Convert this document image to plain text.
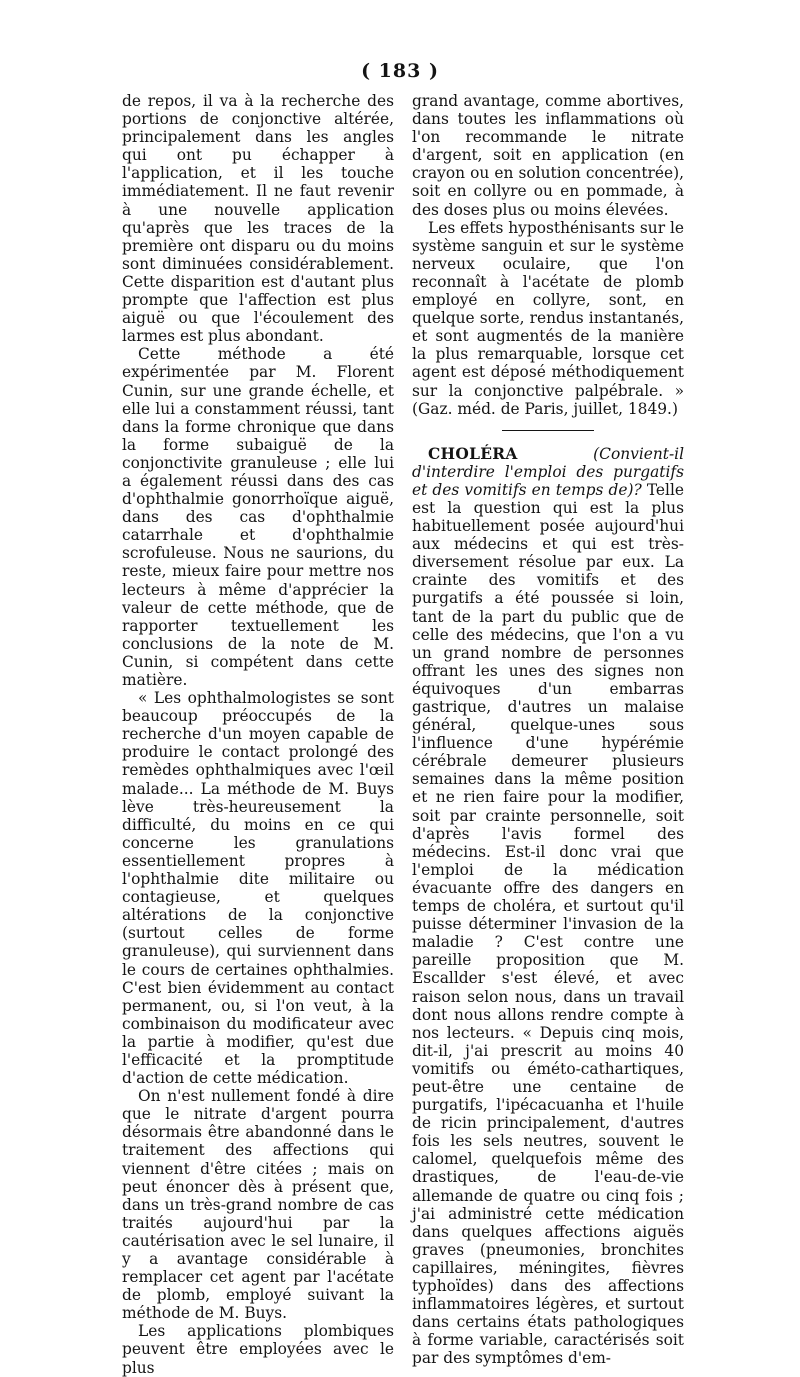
( 183 )

de repos, il va à la recherche des portions de conjonctive altérée, principalement dans les angles qui ont pu échapper à l'application, et il les touche immédiatement. Il ne faut revenir à une nouvelle application qu'après que les traces de la première ont disparu ou du moins sont diminuées considérablement. Cette disparition est d'autant plus prompte que l'affection est plus aiguë ou que l'écoulement des larmes est plus abondant.

Cette méthode a été expérimentée par M. Florent Cunin, sur une grande échelle, et elle lui a constamment réussi, tant dans la forme chronique que dans la forme subaiguë de la conjonctivite granuleuse ; elle lui a également réussi dans des cas d'ophthalmie gonorrhoïque aiguë, dans des cas d'ophthalmie catarrhale et d'ophthalmie scrofuleuse. Nous ne saurions, du reste, mieux faire pour mettre nos lecteurs à même d'apprécier la valeur de cette méthode, que de rapporter textuellement les conclusions de la note de M. Cunin, si compétent dans cette matière.

« Les ophthalmologistes se sont beaucoup préoccupés de la recherche d'un moyen capable de produire le contact prolongé des remèdes ophthalmiques avec l'œil malade... La méthode de M. Buys lève très-heureusement la difficulté, du moins en ce qui concerne les granulations essentiellement propres à l'ophthalmie dite militaire ou contagieuse, et quelques altérations de la conjonctive (surtout celles de forme granuleuse), qui surviennent dans le cours de certaines ophthalmies. C'est bien évidemment au contact permanent, ou, si l'on veut, à la combinaison du modificateur avec la partie à modifier, qu'est due l'efficacité et la promptitude d'action de cette médication.

On n'est nullement fondé à dire que le nitrate d'argent pourra désormais être abandonné dans le traitement des affections qui viennent d'être citées ; mais on peut énoncer dès à présent que, dans un très-grand nombre de cas traités aujourd'hui par la cautérisation avec le sel lunaire, il y a avantage considérable à remplacer cet agent par l'acétate de plomb, employé suivant la méthode de M. Buys.

Les applications plombiques peuvent être employées avec le plus

grand avantage, comme abortives, dans toutes les inflammations où l'on recommande le nitrate d'argent, soit en application (en crayon ou en solution concentrée), soit en collyre ou en pommade, à des doses plus ou moins élevées.

Les effets hyposthénisants sur le système sanguin et sur le système nerveux oculaire, que l'on reconnaît à l'acétate de plomb employé en collyre, sont, en quelque sorte, rendus instantanés, et sont augmentés de la manière la plus remarquable, lorsque cet agent est déposé méthodiquement sur la conjonctive palpébrale. » (Gaz. méd. de Paris, juillet, 1849.)

CHOLÉRA	(Convient-il d'interdire l'emploi des purgatifs et des vomitifs en temps de)? Telle est la question qui est la plus habituellement posée aujourd'hui aux médecins et qui est très-diversement résolue par eux. La crainte des vomitifs et des purgatifs a été poussée si loin, tant de la part du public que de celle des médecins, que l'on a vu un grand nombre de personnes offrant les unes des signes non équivoques d'un embarras gastrique, d'autres un malaise général, quelque-unes sous l'influence d'une hypérémie cérébrale demeurer plusieurs semaines dans la même position et ne rien faire pour la modifier, soit par crainte personnelle, soit d'après l'avis formel des médecins. Est-il donc vrai que l'emploi de la médication évacuante offre des dangers en temps de choléra, et surtout qu'il puisse déterminer l'invasion de la maladie ? C'est contre une pareille proposition que M. Escallder s'est élevé, et avec raison selon nous, dans un travail dont nous allons rendre compte à nos lecteurs. « Depuis cinq mois, dit-il, j'ai prescrit au moins 40 vomitifs ou éméto-cathartiques, peut-être une centaine de purgatifs, l'ipécacuanha et l'huile de ricin principalement, d'autres fois les sels neutres, souvent le calomel, quelquefois même des drastiques, de l'eau-de-vie allemande de quatre ou cinq fois ; j'ai administré cette médication dans quelques affections aiguës graves (pneumonies, bronchites capillaires, méningites, fièvres typhoïdes) dans des affections inflammatoires légères, et surtout dans certains états pathologiques à forme variable, caractérisés soit par des symptômes d'em-
